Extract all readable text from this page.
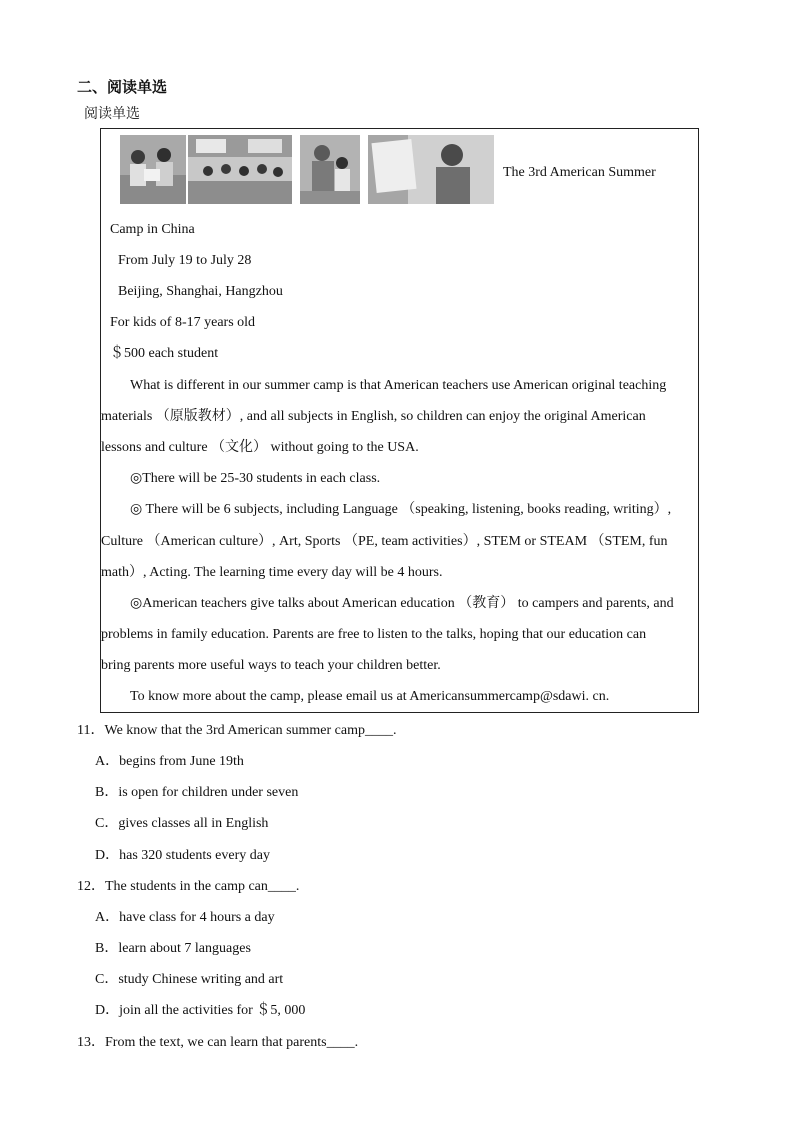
二、阅读单选
阅读单选
The 3rd American Summer
Camp in China
From July 19 to July 28
Beijing, Shanghai, Hangzhou
For kids of 8-17 years old
＄500 each student
What is different in our summer camp is that American teachers use American original teaching
materials （原版教材）, and all subjects in English, so children can enjoy the original American
lessons and culture （文化） without going to the USA.
◎There will be 25-30 students in each class.
◎ There will be 6 subjects, including Language （speaking, listening, books reading, writing）,
Culture （American culture）, Art, Sports （PE, team activities）, STEM or STEAM （STEM, fun
math）, Acting. The learning time every day will be 4 hours.
◎American teachers give talks about American education （教育） to campers and parents, and
problems in family education. Parents are free to listen to the talks, hoping that our education can
bring parents more useful ways to teach your children better.
To know more about the camp, please email us at Americansummercamp@sdawi. cn.
11．We know that the 3rd American summer camp____.
A．begins from June 19th
B．is open for children under seven
C．gives classes all in English
D．has 320 students every day
12．The students in the camp can____.
A．have class for 4 hours a day
B．learn about 7 languages
C．study Chinese writing and art
D．join all the activities for ＄5, 000
13．From the text, we can learn that parents____.
